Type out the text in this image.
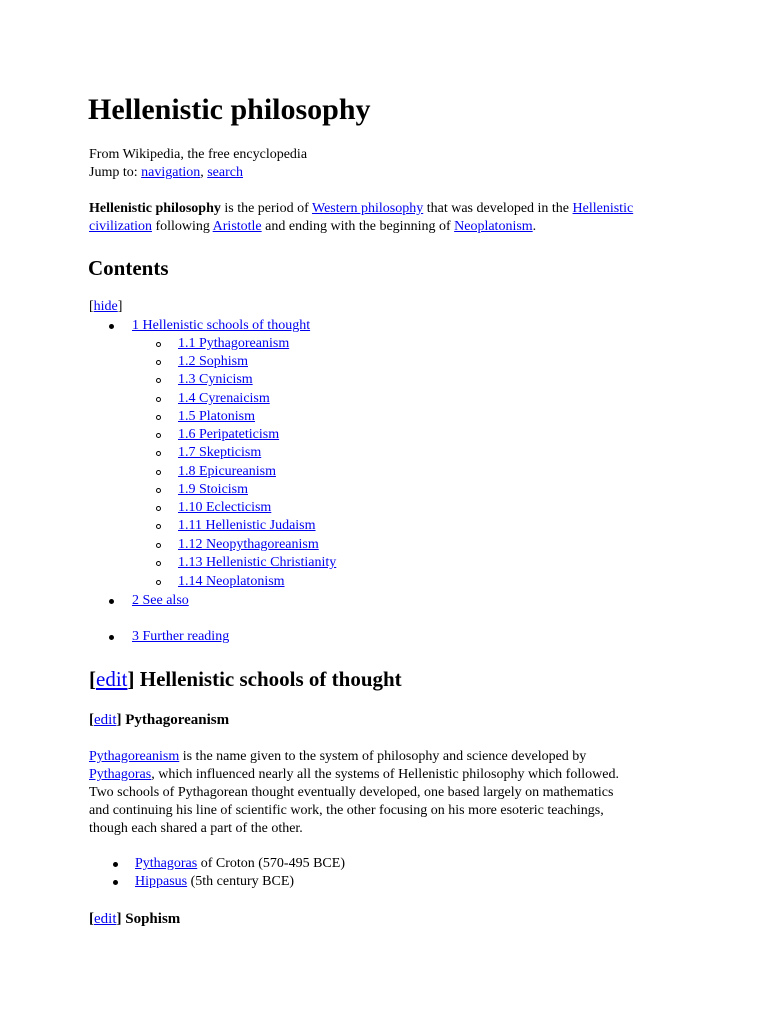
Hellenistic philosophy
From Wikipedia, the free encyclopedia
Jump to: navigation, search
Hellenistic philosophy is the period of Western philosophy that was developed in the Hellenistic
civilization following Aristotle and ending with the beginning of Neoplatonism.
Contents
[hide]
1 Hellenistic schools of thought
1.1 Pythagoreanism
1.2 Sophism
1.3 Cynicism
1.4 Cyrenaicism
1.5 Platonism
1.6 Peripateticism
1.7 Skepticism
1.8 Epicureanism
1.9 Stoicism
1.10 Eclecticism
1.11 Hellenistic Judaism
1.12 Neopythagoreanism
1.13 Hellenistic Christianity
1.14 Neoplatonism
2 See also
3 Further reading
[edit] Hellenistic schools of thought
[edit] Pythagoreanism
Pythagoreanism is the name given to the system of philosophy and science developed by
Pythagoras, which influenced nearly all the systems of Hellenistic philosophy which followed.
Two schools of Pythagorean thought eventually developed, one based largely on mathematics
and continuing his line of scientific work, the other focusing on his more esoteric teachings,
though each shared a part of the other.
Pythagoras of Croton (570-495 BCE)
Hippasus (5th century BCE)
[edit] Sophism
